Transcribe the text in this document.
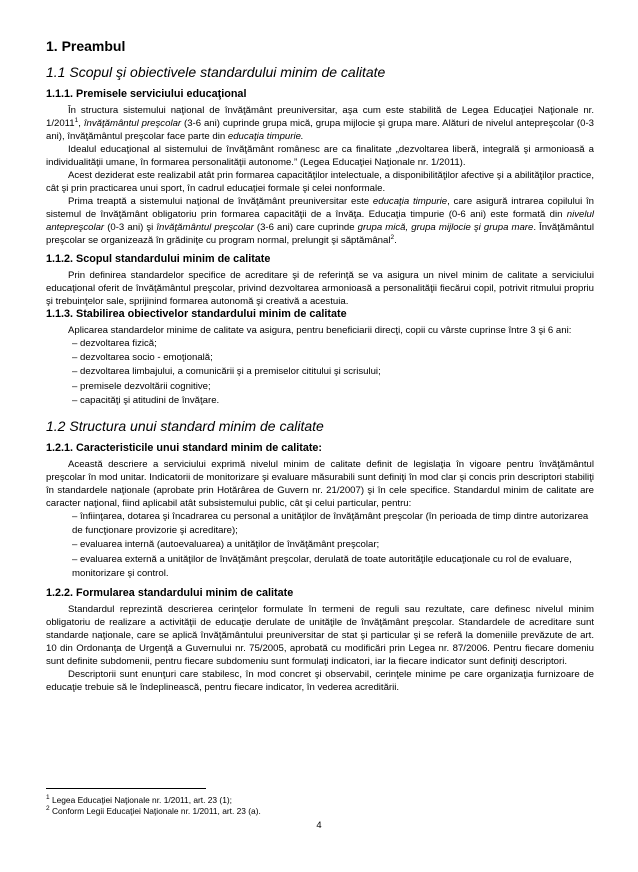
1. Preambul
1.1 Scopul şi obiectivele standardului minim de calitate
1.1.1. Premisele serviciului educaţional

În structura sistemului naţional de învăţământ preuniversitar, aşa cum este stabilită de Legea Educaţiei Naţionale nr. 1/2011$^1$, învăţământul preşcolar (3-6 ani) cuprinde grupa mică, grupa mijlocie şi grupa mare. Alături de nivelul antepreşcolar (0-3 ani), învăţământul preşcolar face parte din educaţia timpurie.

Idealul educaţional al sistemului de învăţământ românesc are ca finalitate „dezvoltarea liberă, integrală şi armonioasă a individualităţii umane, în formarea personalităţii autonome.” (Legea Educaţiei Naţionale nr. 1/2011).

Acest deziderat este realizabil atât prin formarea capacităţilor intelectuale, a disponibilităţilor afective şi a abilităţilor practice, cât şi prin practicarea unui sport, în cadrul educaţiei formale şi celei nonformale.

Prima treaptă a sistemului naţional de învăţământ preuniversitar este educaţia timpurie, care asigură intrarea copilului în sistemul de învăţământ obligatoriu prin formarea capacităţii de a învăţa. Educaţia timpurie (0-6 ani) este formată din nivelul antepreşcolar (0-3 ani) şi învăţământul preşcolar (3-6 ani) care cuprinde grupa mică, grupa mijlocie şi grupa mare. Învăţământul preşcolar se organizează în grădiniţe cu program normal, prelungit şi săptămânal$^2$.

1.1.2. Scopul standardului minim de calitate

Prin definirea standardelor specifice de acreditare şi de referinţă se va asigura un nivel minim de calitate a serviciului educaţional oferit de învăţământul preşcolar, privind dezvoltarea armonioasă a personalităţii fiecărui copil, potrivit ritmului propriu şi trebuinţelor sale, sprijinind formarea autonomă şi creativă a acestuia.

1.1.3. Stabilirea obiectivelor standardului minim de calitate

Aplicarea standardelor minime de calitate va asigura, pentru beneficiarii direcţi, copii cu vârste cuprinse între 3 şi 6 ani:

– dezvoltarea fizică;
– dezvoltarea socio - emoţională;
– dezvoltarea limbajului, a comunicării şi a premiselor cititului şi scrisului;
– premisele dezvoltării cognitive;
– capacităţi şi atitudini de învăţare.
1.2 Structura unui standard minim de calitate
1.2.1. Caracteristicile unui standard minim de calitate:

Această descriere a serviciului exprimă nivelul minim de calitate definit de legislaţia în vigoare pentru învăţământul preşcolar în mod unitar. Indicatorii de monitorizare şi evaluare măsurabili sunt definiţi în mod clar şi concis prin descriptori stabiliţi în standardele naţionale (aprobate prin Hotărârea de Guvern nr. 21/2007) şi în cele specifice. Standardul minim de calitate are caracter naţional, fiind aplicabil atât subsistemului public, cât şi celui particular, pentru:

– înfiinţarea, dotarea şi încadrarea cu personal a unităţilor de învăţământ preşcolar (în perioada de timp dintre autorizarea de funcţionare provizorie şi acreditare);
– evaluarea internă (autoevaluarea) a unităţilor de învăţământ preşcolar;
– evaluarea externă a unităţilor de învăţământ preşcolar, derulată de toate autorităţile educaţionale cu rol de evaluare, monitorizare şi control.
1.2.2. Formularea standardului minim de calitate

Standardul reprezintă descrierea cerinţelor formulate în termeni de reguli sau rezultate, care definesc nivelul minim obligatoriu de realizare a activităţii de educaţie derulate de unităţile de învăţământ preşcolar. Standardele de acreditare sunt standarde naţionale, care se aplică învăţământului preuniversitar de stat şi particular şi se referă la domeniile prevăzute de art. 10 din Ordonanţa de Urgenţă a Guvernului nr. 75/2005, aprobată cu modificări prin Legea nr. 87/2006. Pentru fiecare domeniu sunt definite subdomenii, pentru fiecare subdomeniu sunt formulaţi indicatori, iar la fiecare indicator sunt definiţi descriptori.

Descriptorii sunt enunţuri care stabilesc, în mod concret şi observabil, cerinţele minime pe care organizaţia furnizoare de educaţie trebuie să le îndeplinească, pentru fiecare indicator, în vederea acreditării.

$^1$ Legea Educaţiei Naţionale nr. 1/2011, art. 23 (1);
$^2$ Conform Legii Educaţiei Naţionale nr. 1/2011, art. 23 (a).
4
